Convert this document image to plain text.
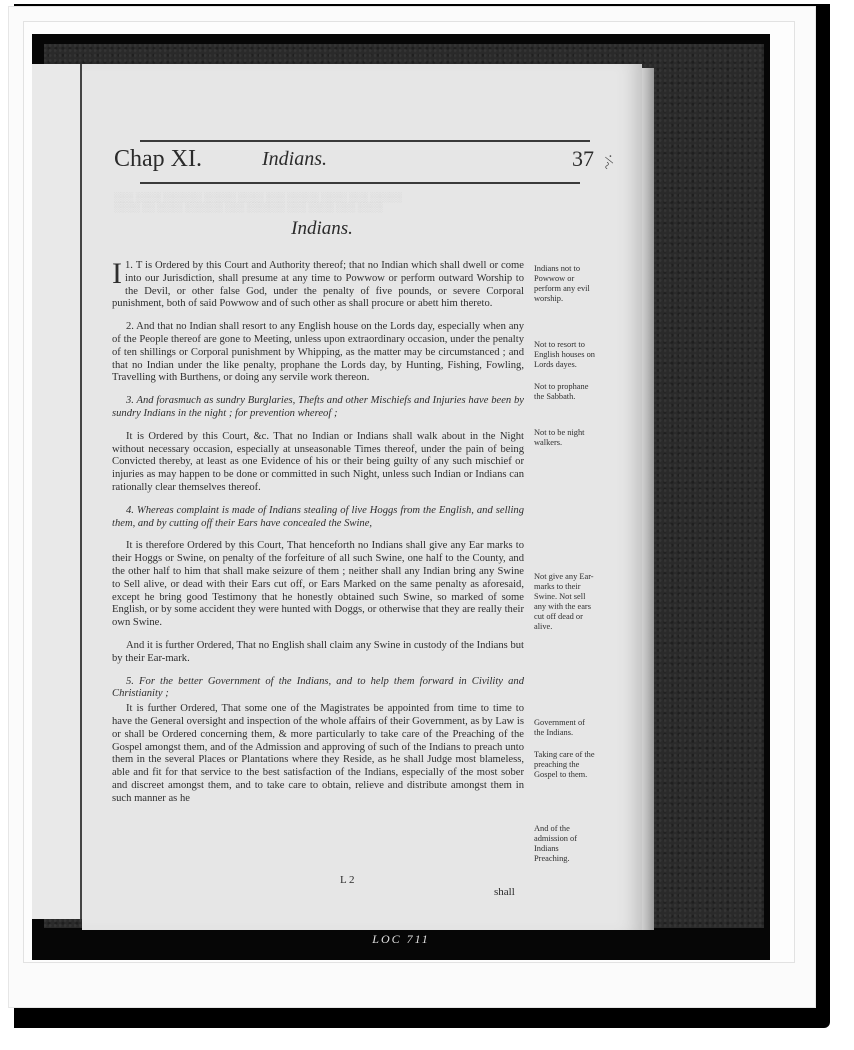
~/·
Chap XI.	Indians.	37
░░░ ░░░░ ░░░░░░ ░░░░░ ░░░░ ░░░ ░░░░░ ░░░░ ░░░ ░░░░░
░░░░ ░░ ░░░░ ░░░░░░ ░░░ ░░░░░░ ░░░ ░░░░ ░░░ ░░░░
Indians.

1.
I T is Ordered by this Court and Authority thereof; that no Indian which shall dwell or come into our Jurisdiction, shall presume at any time to Powwow or perform outward Worship to the Devil, or other false God, under the penalty of five pounds, or severe Corporal punishment, both of said Powwow and of such other as shall procure or abett him thereto.

2. And that no Indian shall resort to any English house on the Lords day, especially when any of the People thereof are gone to Meeting, unless upon extraordinary occasion, under the penalty of ten shillings or Corporal punishment by Whipping, as the matter may be circumstanced ; and that no Indian under the like penalty, prophane the Lords day, by Hunting, Fishing, Fowling, Travelling with Burthens, or doing any servile work thereon.

3. And forasmuch as sundry Burglaries, Thefts and other Mischiefs and Injuries have been by sundry Indians in the night ; for prevention whereof ;

It is Ordered by this Court, &c. That no Indian or Indians shall walk about in the Night without necessary occasion, especially at unseasonable Times thereof, under the pain of being Convicted thereby, at least as one Evidence of his or their being guilty of any such mischief or injuries as may happen to be done or committed in such Night, unless such Indian or Indians can rationally clear themselves thereof.

4. Whereas complaint is made of Indians stealing of live Hoggs from the English, and selling them, and by cutting off their Ears have concealed the Swine,

It is therefore Ordered by this Court, That henceforth no Indians shall give any Ear marks to their Hoggs or Swine, on penalty of the forfeiture of all such Swine, one half to the County, and the other half to him that shall make seizure of them ; neither shall any Indian bring any Swine to Sell alive, or dead with their Ears cut off, or Ears Marked on the same penalty as aforesaid, except he bring good Testimony that he honestly obtained such Swine, so marked of some English, or by some accident they were hunted with Doggs, or otherwise that they are really their own Swine.

And it is further Ordered, That no English shall claim any Swine in custody of the Indians but by their Ear-mark.

5. For the better Government of the Indians, and to help them forward in Civility and Christianity ;

It is further Ordered, That some one of the Magistrates be appointed from time to time to have the General oversight and inspection of the whole affairs of their Government, as by Law is or shall be Ordered concerning them, & more particularly to take care of the Preaching of the Gospel amongst them, and of the Admission and approving of such of the Indians to preach unto them in the several Places or Plantations where they Reside, as he shall Judge most blameless, able and fit for that service to the best satisfaction of the Indians, especially of the most sober and discreet amongst them, and to take care to obtain, relieve and distribute amongst them in such manner as he

L 2
shall
Indians not to Powwow or perform any evil worship.
Not to resort to English houses on Lords dayes.
Not to prophane the Sabbath.
Not to be night walkers.
Not give any Ear-marks to their Swine. Not sell any with the ears cut off dead or alive.
Government of the Indians.
Taking care of the preaching the Gospel to them.
And of the admission of Indians Preaching.
LOC 711
